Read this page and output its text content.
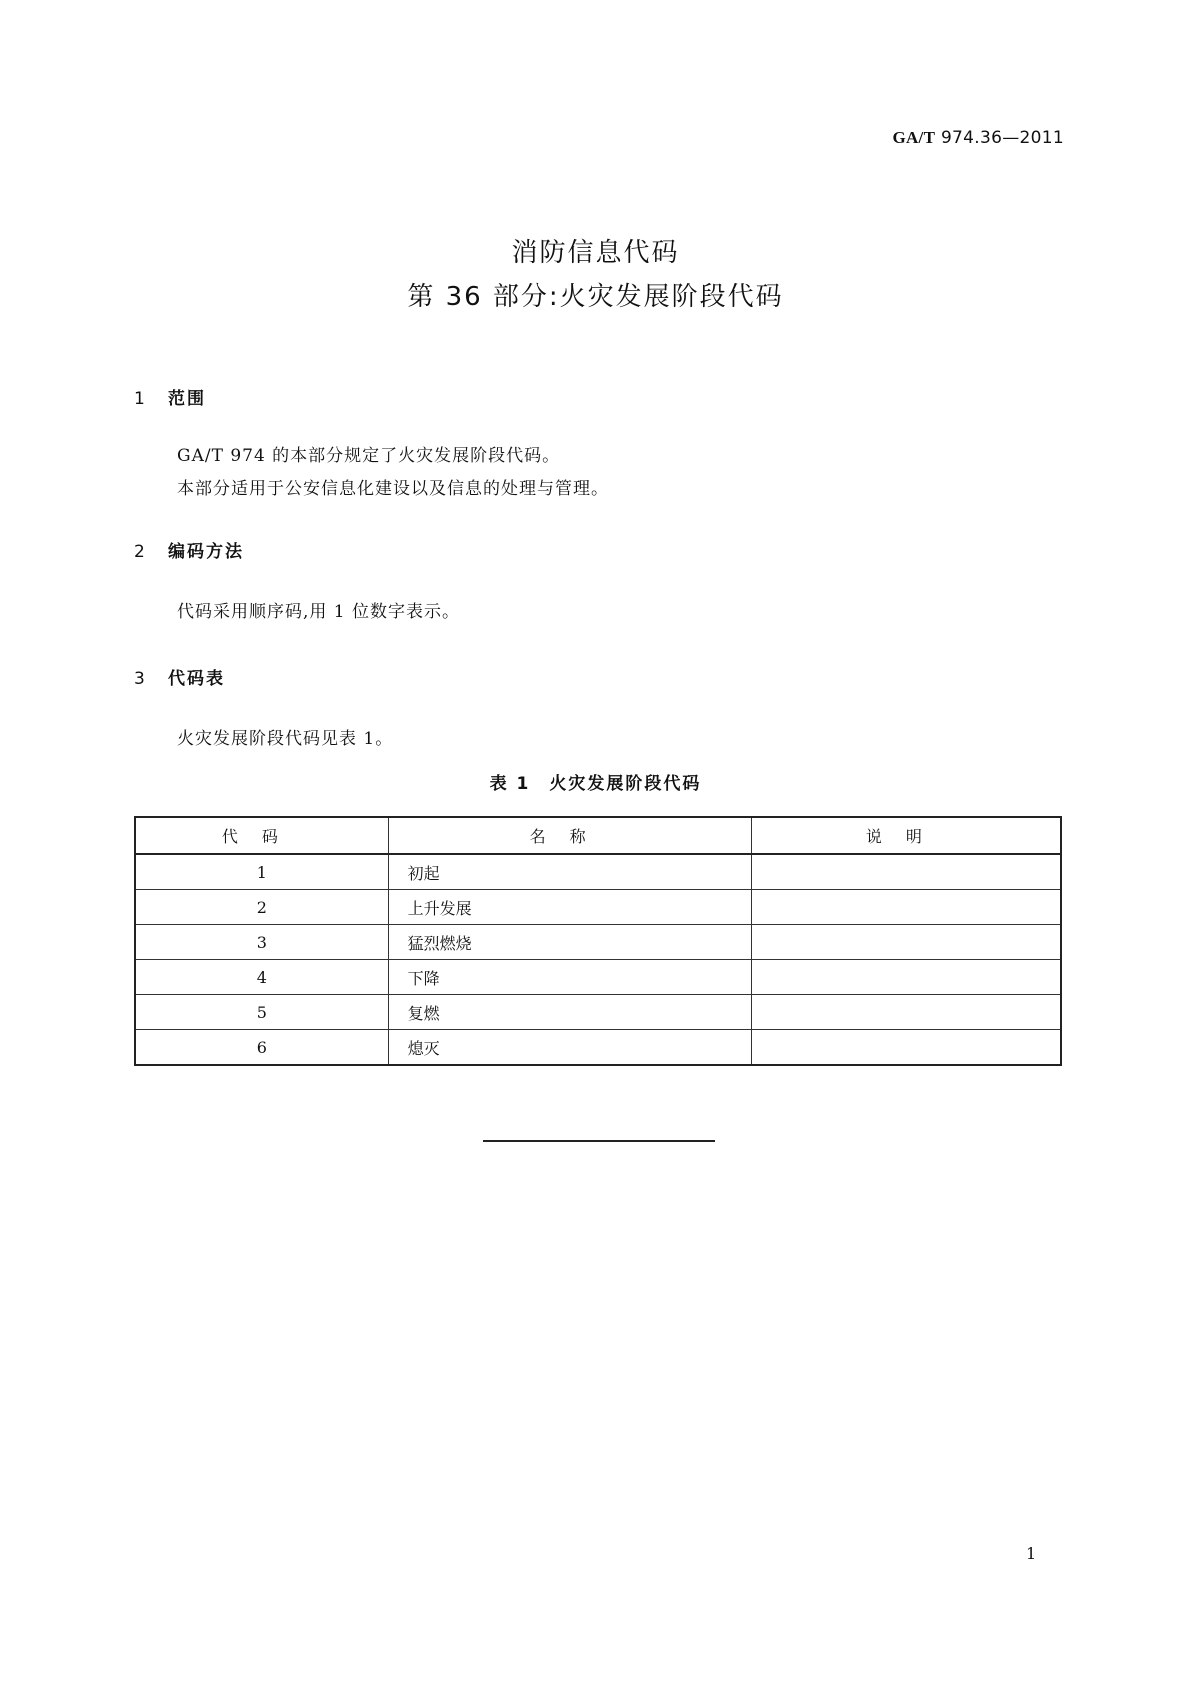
GA/T 974.36—2011
消防信息代码
第 36 部分:火灾发展阶段代码
1 范围
GA/T 974 的本部分规定了火灾发展阶段代码。
本部分适用于公安信息化建设以及信息的处理与管理。
2 编码方法
代码采用顺序码,用 1 位数字表示。
3 代码表
火灾发展阶段代码见表 1。
表 1　火灾发展阶段代码
代码	名称	说明
1	初起	
2	上升发展	
3	猛烈燃烧	
4	下降	
5	复燃	
6	熄灭	
1
